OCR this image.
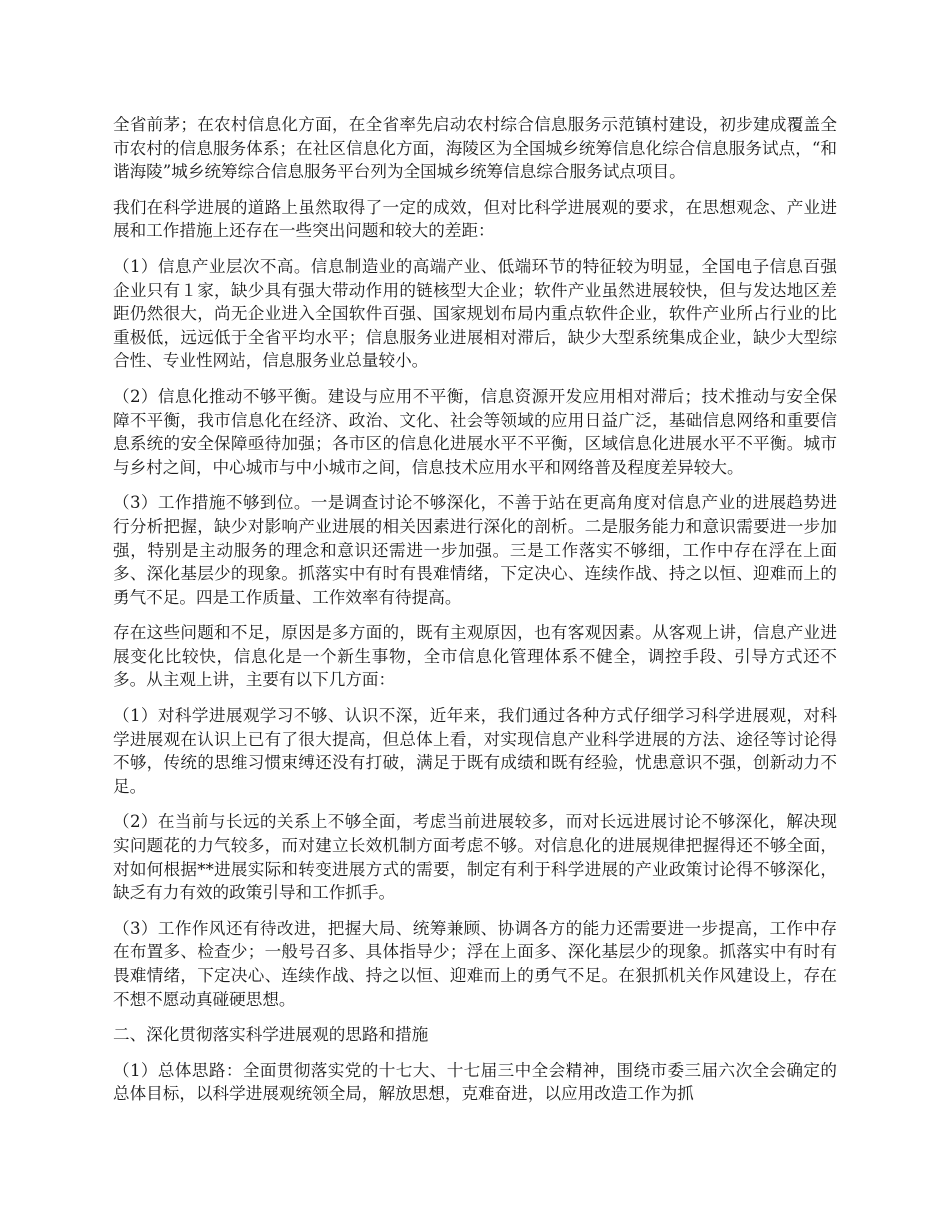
全省前茅；在农村信息化方面，在全省率先启动农村综合信息服务示范镇村建设，初步建成覆盖全市农村的信息服务体系；在社区信息化方面，海陵区为全国城乡统筹信息化综合信息服务试点，“和谐海陵”城乡统筹综合信息服务平台列为全国城乡统筹信息综合服务试点项目。

我们在科学进展的道路上虽然取得了一定的成效，但对比科学进展观的要求，在思想观念、产业进展和工作措施上还存在一些突出问题和较大的差距：

（1）信息产业层次不高。信息制造业的高端产业、低端环节的特征较为明显，全国电子信息百强企业只有１家，缺少具有强大带动作用的链核型大企业；软件产业虽然进展较快，但与发达地区差距仍然很大，尚无企业进入全国软件百强、国家规划布局内重点软件企业，软件产业所占行业的比重极低，远远低于全省平均水平；信息服务业进展相对滞后，缺少大型系统集成企业，缺少大型综合性、专业性网站，信息服务业总量较小。

（2）信息化推动不够平衡。建设与应用不平衡，信息资源开发应用相对滞后；技术推动与安全保障不平衡，我市信息化在经济、政治、文化、社会等领域的应用日益广泛，基础信息网络和重要信息系统的安全保障亟待加强；各市区的信息化进展水平不平衡，区域信息化进展水平不平衡。城市与乡村之间，中心城市与中小城市之间，信息技术应用水平和网络普及程度差异较大。

（3）工作措施不够到位。一是调查讨论不够深化，不善于站在更高角度对信息产业的进展趋势进行分析把握，缺少对影响产业进展的相关因素进行深化的剖析。二是服务能力和意识需要进一步加强，特别是主动服务的理念和意识还需进一步加强。三是工作落实不够细，工作中存在浮在上面多、深化基层少的现象。抓落实中有时有畏难情绪，下定决心、连续作战、持之以恒、迎难而上的勇气不足。四是工作质量、工作效率有待提高。

存在这些问题和不足，原因是多方面的，既有主观原因，也有客观因素。从客观上讲，信息产业进展变化比较快，信息化是一个新生事物，全市信息化管理体系不健全，调控手段、引导方式还不多。从主观上讲，主要有以下几方面：

（1）对科学进展观学习不够、认识不深，近年来，我们通过各种方式仔细学习科学进展观，对科学进展观在认识上已有了很大提高，但总体上看，对实现信息产业科学进展的方法、途径等讨论得不够，传统的思维习惯束缚还没有打破，满足于既有成绩和既有经验，忧患意识不强，创新动力不足。

（2）在当前与长远的关系上不够全面，考虑当前进展较多，而对长远进展讨论不够深化，解决现实问题花的力气较多，而对建立长效机制方面考虑不够。对信息化的进展规律把握得还不够全面，对如何根据**进展实际和转变进展方式的需要，制定有利于科学进展的产业政策讨论得不够深化，缺乏有力有效的政策引导和工作抓手。

（3）工作作风还有待改进，把握大局、统筹兼顾、协调各方的能力还需要进一步提高，工作中存在布置多、检查少；一般号召多、具体指导少；浮在上面多、深化基层少的现象。抓落实中有时有畏难情绪，下定决心、连续作战、持之以恒、迎难而上的勇气不足。在狠抓机关作风建设上，存在不想不愿动真碰硬思想。

二、深化贯彻落实科学进展观的思路和措施

（1）总体思路：全面贯彻落实党的十七大、十七届三中全会精神，围绕市委三届六次全会确定的总体目标，以科学进展观统领全局，解放思想，克难奋进，以应用改造工作为抓
